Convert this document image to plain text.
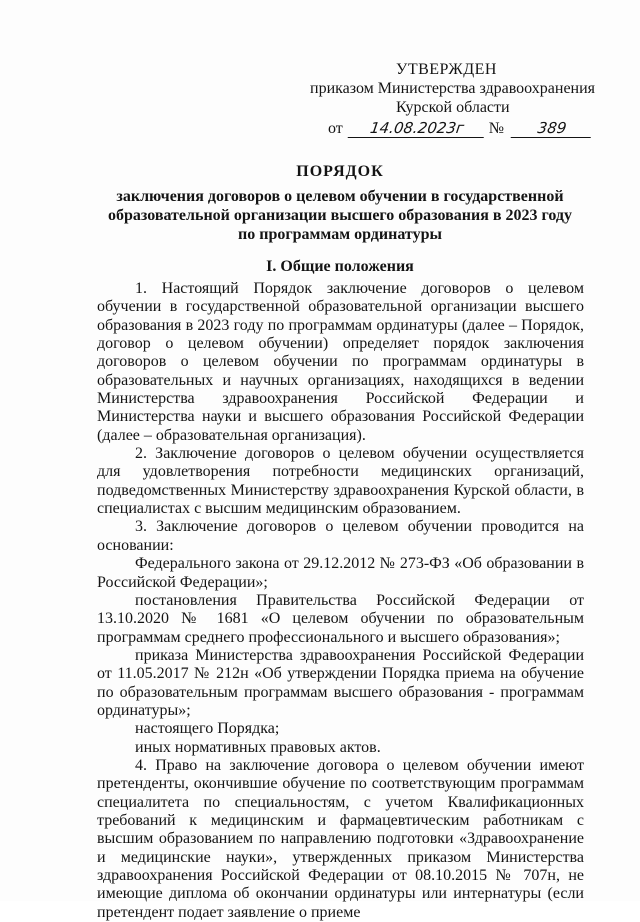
УТВЕРЖДЕН
приказом Министерства здравоохранения
Курской области
от 14.08.2023г № 389
ПОРЯДОК
заключения договоров о целевом обучении в государственной
образовательной организации высшего образования в 2023 году
по программам ординатуры
I. Общие положения

1. Настоящий Порядок заключение договоров о целевом обучении в государственной образовательной организации высшего образования в 2023 году по программам ординатуры (далее – Порядок, договор о целевом обучении) определяет порядок заключения договоров о целевом обучении по программам ординатуры в образовательных и научных организациях, находящихся в ведении Министерства здравоохранения Российской Федерации и Министерства науки и высшего образования Российской Федерации (далее – образовательная организация).

2. Заключение договоров о целевом обучении осуществляется для удовлетворения потребности медицинских организаций, подведомственных Министерству здравоохранения Курской области, в специалистах с высшим медицинским образованием.

3. Заключение договоров о целевом обучении проводится на основании:

Федерального закона от 29.12.2012 № 273-ФЗ «Об образовании в Российской Федерации»;

постановления Правительства Российской Федерации от 13.10.2020 № 1681 «О целевом обучении по образовательным программам среднего профессионального и высшего образования»;

приказа Министерства здравоохранения Российской Федерации от 11.05.2017 № 212н «Об утверждении Порядка приема на обучение по образовательным программам высшего образования - программам ординатуры»;

настоящего Порядка;

иных нормативных правовых актов.

4. Право на заключение договора о целевом обучении имеют претенденты, окончившие обучение по соответствующим программам специалитета по специальностям, с учетом Квалификационных требований к медицинским и фармацевтическим работникам с высшим образованием по направлению подготовки «Здравоохранение и медицинские науки», утвержденных приказом Министерства здравоохранения Российской Федерации от 08.10.2015 № 707н, не имеющие диплома об окончании ординатуры или интернатуры (если претендент подает заявление о приеме
